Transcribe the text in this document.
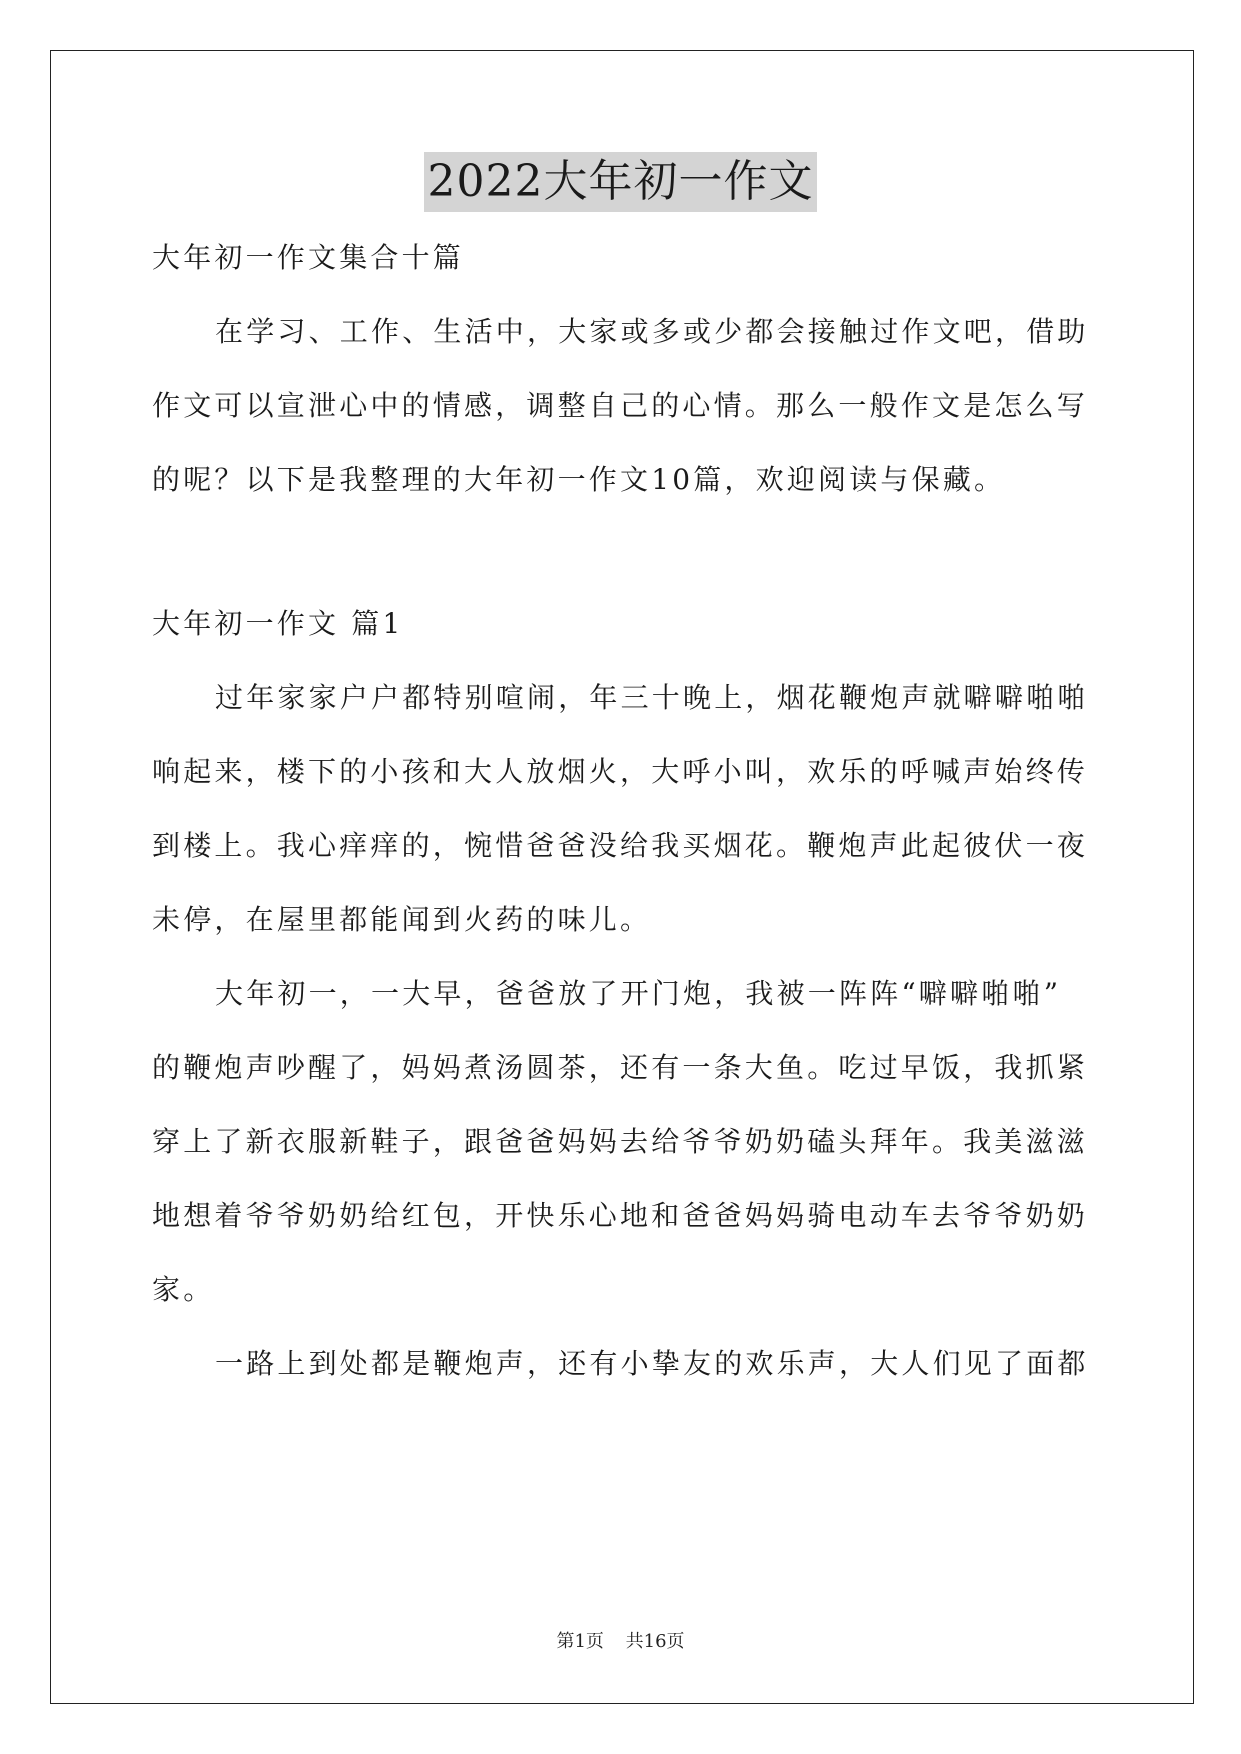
2022大年初一作文

大年初一作文集合十篇

在学习、工作、生活中，大家或多或少都会接触过作文吧，借助

作文可以宣泄心中的情感，调整自己的心情。那么一般作文是怎么写

的呢？以下是我整理的大年初一作文10篇，欢迎阅读与保藏。

大年初一作文 篇1

过年家家户户都特别喧闹，年三十晚上，烟花鞭炮声就噼噼啪啪

响起来，楼下的小孩和大人放烟火，大呼小叫，欢乐的呼喊声始终传

到楼上。我心痒痒的，惋惜爸爸没给我买烟花。鞭炮声此起彼伏一夜

未停，在屋里都能闻到火药的味儿。

大年初一，一大早，爸爸放了开门炮，我被一阵阵“噼噼啪啪”

的鞭炮声吵醒了，妈妈煮汤圆茶，还有一条大鱼。吃过早饭，我抓紧

穿上了新衣服新鞋子，跟爸爸妈妈去给爷爷奶奶磕头拜年。我美滋滋

地想着爷爷奶奶给红包，开快乐心地和爸爸妈妈骑电动车去爷爷奶奶

家。

一路上到处都是鞭炮声，还有小挚友的欢乐声，大人们见了面都

第1页 共16页
